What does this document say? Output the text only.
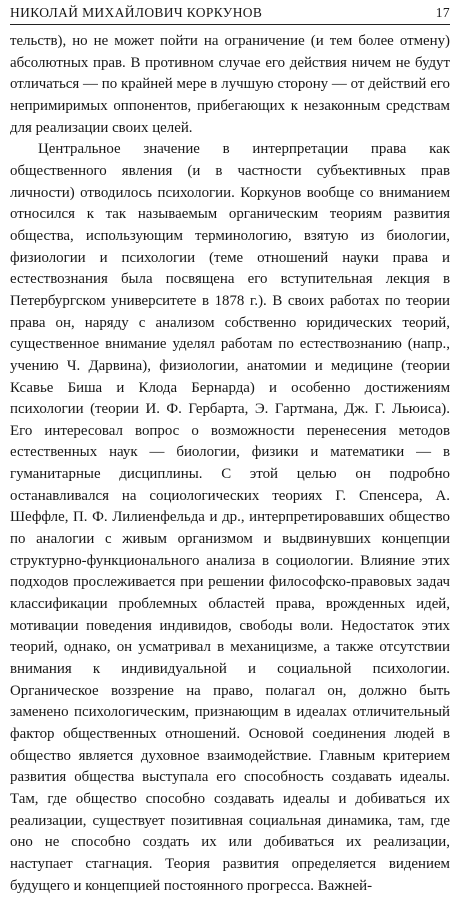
НИКОЛАЙ МИХАЙЛОВИЧ КОРКУНОВ	17

тельств), но не может пойти на ограничение (и тем более отмену) абсолютных прав. В противном случае его действия ничем не будут отличаться — по крайней мере в лучшую сторону — от действий его непримиримых оппонентов, прибегающих к незаконным средствам для реализации своих целей.

Центральное значение в интерпретации права как общественного явления (и в частности субъективных прав личности) отводилось психологии. Коркунов вообще со вниманием относился к так называемым органическим теориям развития общества, использующим терминологию, взятую из биологии, физиологии и психологии (теме отношений науки права и естествознания была посвящена его вступительная лекция в Петербургском университете в 1878 г.). В своих работах по теории права он, наряду с анализом собственно юридических теорий, существенное внимание уделял работам по естествознанию (напр., учению Ч. Дарвина), физиологии, анатомии и медицине (теории Ксавье Биша и Клода Бернарда) и особенно достижениям психологии (теории И. Ф. Гербарта, Э. Гартмана, Дж. Г. Льюиса). Его интересовал вопрос о возможности перенесения методов естественных наук — биологии, физики и математики — в гуманитарные дисциплины. С этой целью он подробно останавливался на социологических теориях Г. Спенсера, А. Шеффле, П. Ф. Лилиенфельда и др., интерпретировавших общество по аналогии с живым организмом и выдвинувших концепции структурно-функционального анализа в социологии. Влияние этих подходов прослеживается при решении философско-правовых задач классификации проблемных областей права, врожденных идей, мотивации поведения индивидов, свободы воли. Недостаток этих теорий, однако, он усматривал в механицизме, а также отсутствии внимания к индивидуальной и социальной психологии. Органическое воззрение на право, полагал он, должно быть заменено психологическим, признающим в идеалах отличительный фактор общественных отношений. Основой соединения людей в общество является духовное взаимодействие. Главным критерием развития общества выступала его способность создавать идеалы. Там, где общество способно создавать идеалы и добиваться их реализации, существует позитивная социальная динамика, там, где оно не способно создать их или добиваться их реализации, наступает стагнация. Теория развития определяется видением будущего и концепцией постоянного прогресса. Важней-
